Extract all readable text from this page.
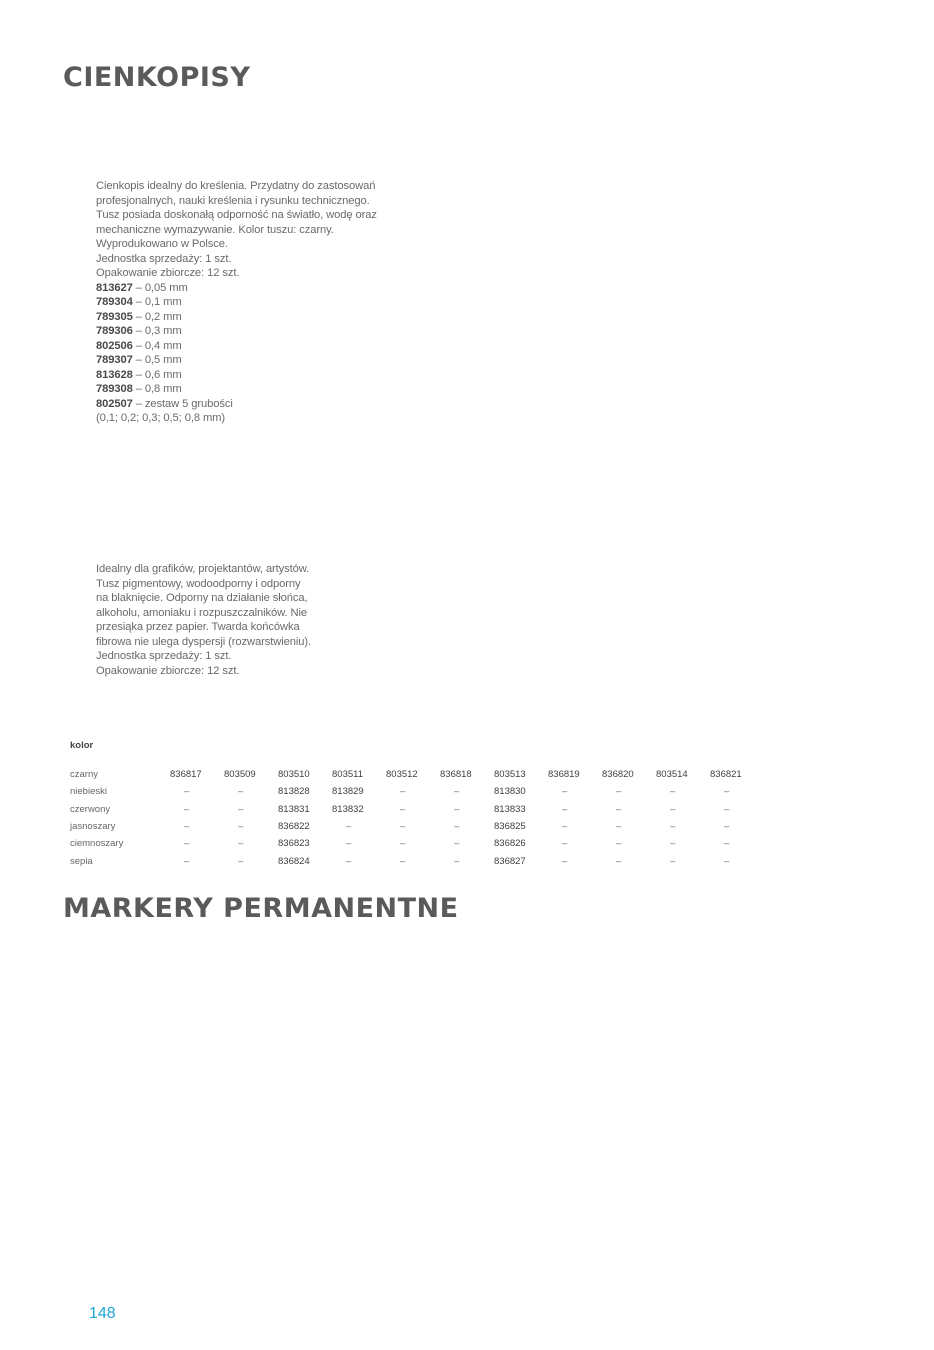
CIENKOPISY
Cienkopis idealny do kreślenia. Przydatny do zastosowań
profesjonalnych, nauki kreślenia i rysunku technicznego.
Tusz posiada doskonałą odporność na światło, wodę oraz
mechaniczne wymazywanie. Kolor tuszu: czarny.
Wyprodukowano w Polsce.
Jednostka sprzedaży: 1 szt.
Opakowanie zbiorcze: 12 szt.
813627 – 0,05 mm
789304 – 0,1 mm
789305 – 0,2 mm
789306 – 0,3 mm
802506 – 0,4 mm
789307 – 0,5 mm
813628 – 0,6 mm
789308 – 0,8 mm
802507 – zestaw 5 grubości
(0,1; 0,2; 0,3; 0,5; 0,8 mm)
Idealny dla grafików, projektantów, artystów.
Tusz pigmentowy, wodoodporny i odporny
na blaknięcie. Odporny na działanie słońca,
alkoholu, amoniaku i rozpuszczalników. Nie
przesiąka przez papier. Twarda końcówka
fibrowa nie ulega dyspersji (rozwarstwieniu).
Jednostka sprzedaży: 1 szt.
Opakowanie zbiorcze: 12 szt.
kolor
czarny	836817	803509	803510	803511	803512	836818	803513	836819	836820	803514	836821
niebieski	–	–	813828	813829	–	–	813830	–	–	–	–
czerwony	–	–	813831	813832	–	–	813833	–	–	–	–
jasnoszary	–	–	836822	–	–	–	836825	–	–	–	–
ciemnoszary	–	–	836823	–	–	–	836826	–	–	–	–
sepia	–	–	836824	–	–	–	836827	–	–	–	–
MARKERY PERMANENTNE
148
